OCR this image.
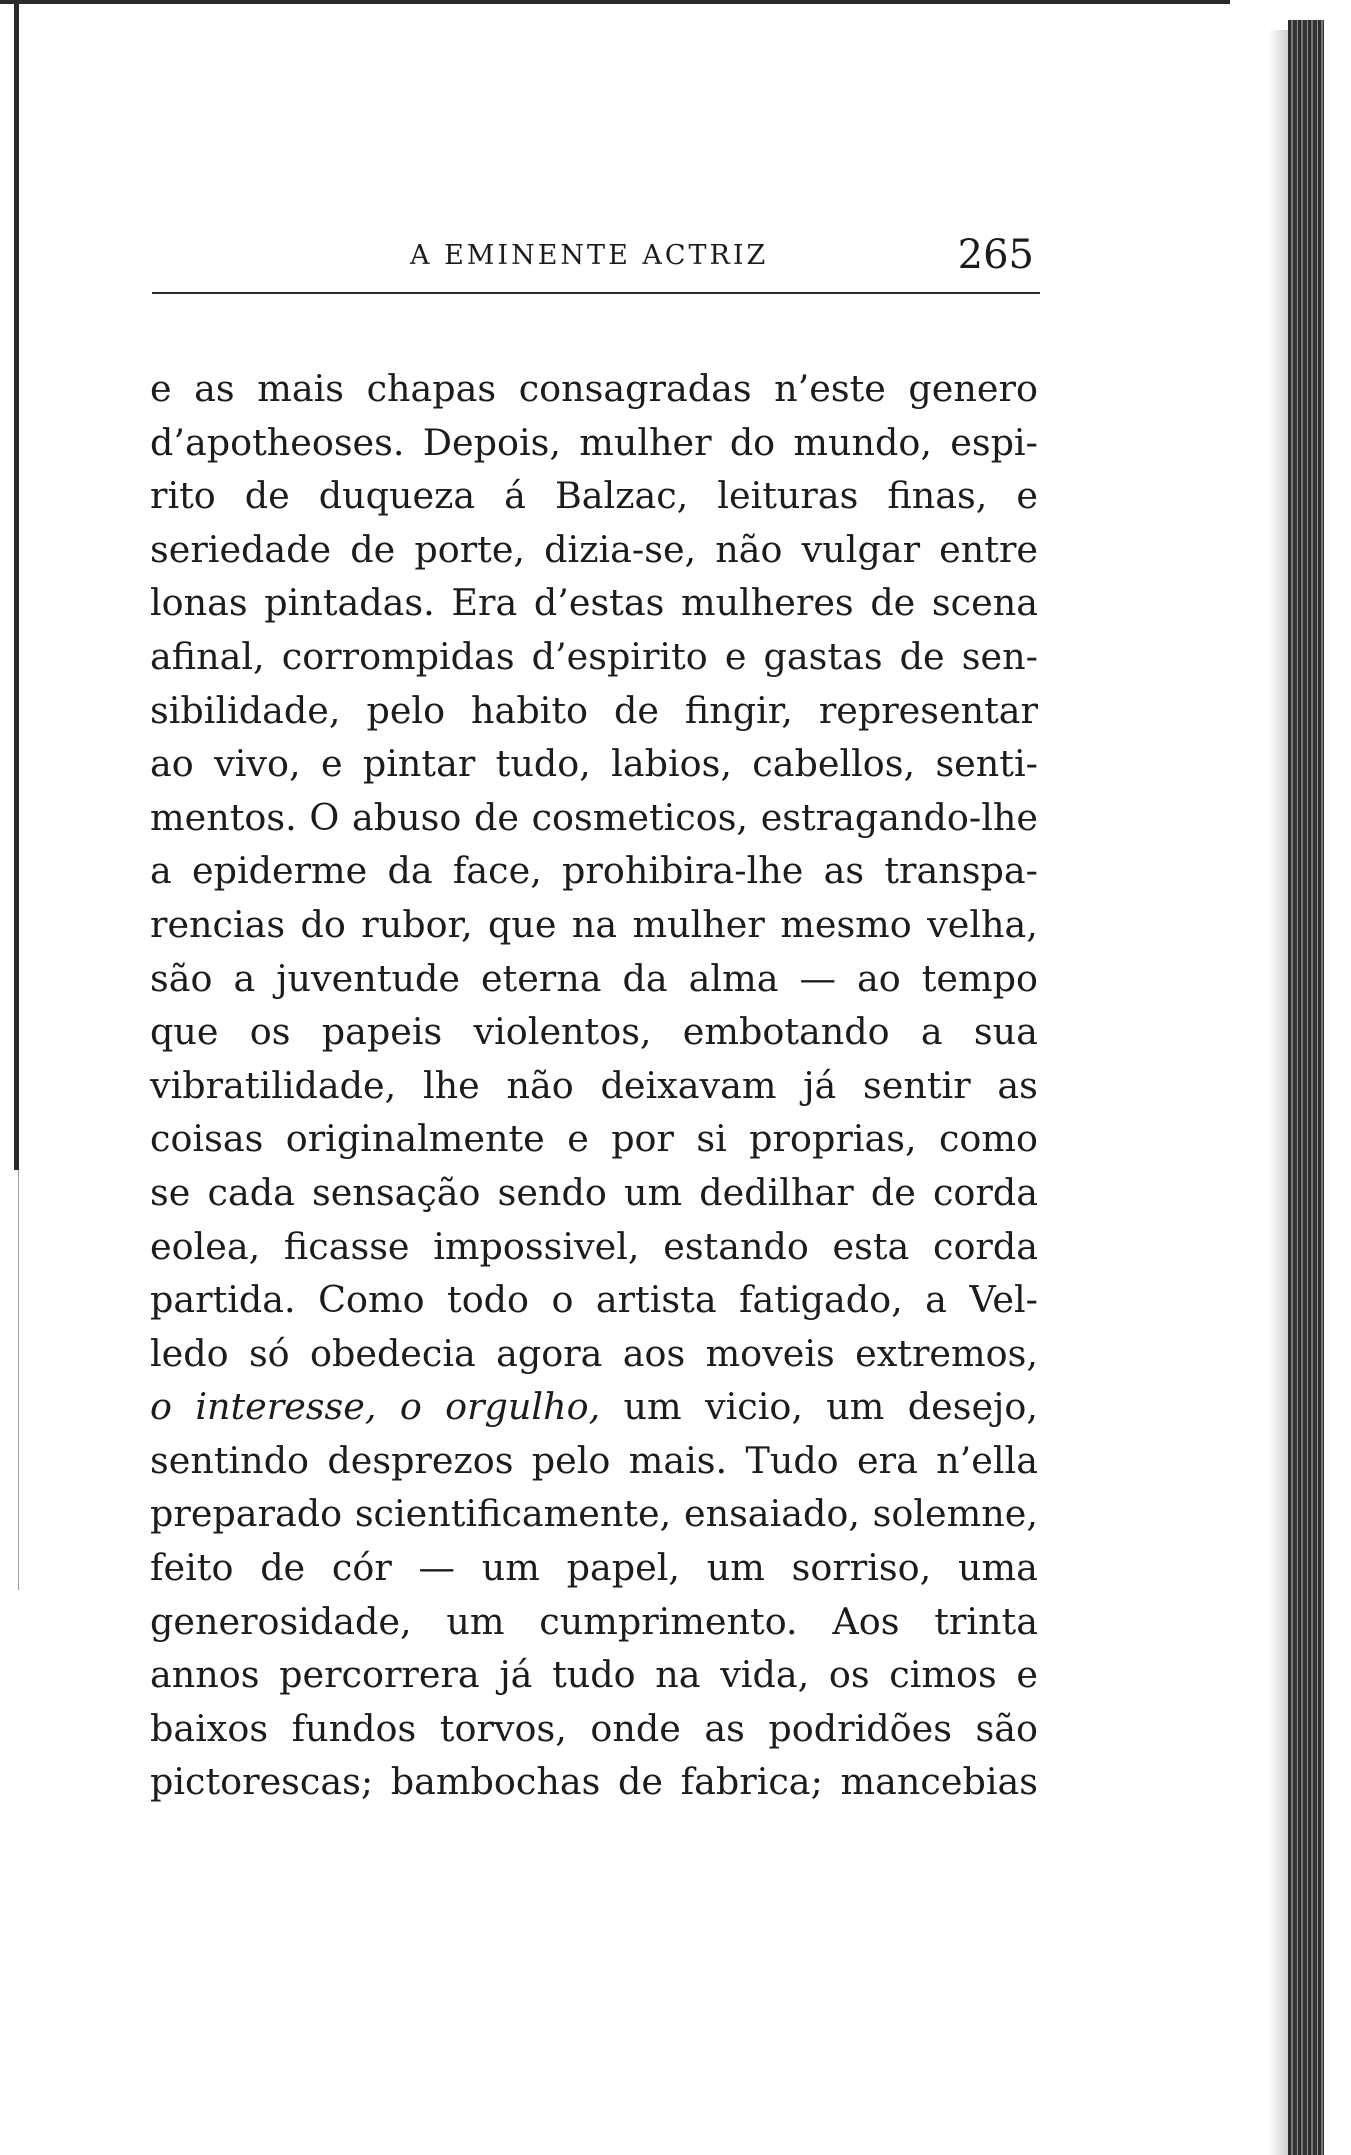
A EMINENTE ACTRIZ	265
e as mais chapas consagradas n’este genero
d’apotheoses. Depois, mulher do mundo, espi-
rito de duqueza á Balzac, leituras finas, e
seriedade de porte, dizia-se, não vulgar entre
lonas pintadas. Era d’estas mulheres de scena
afinal, corrompidas d’espirito e gastas de sen-
sibilidade, pelo habito de fingir, representar
ao vivo, e pintar tudo, labios, cabellos, senti-
mentos. O abuso de cosmeticos, estragando-lhe
a epiderme da face, prohibira-lhe as transpa-
rencias do rubor, que na mulher mesmo velha,
são a juventude eterna da alma — ao tempo
que os papeis violentos, embotando a sua
vibratilidade, lhe não deixavam já sentir as
coisas originalmente e por si proprias, como
se cada sensação sendo um dedilhar de corda
eolea, ficasse impossivel, estando esta corda
partida. Como todo o artista fatigado, a Vel-
ledo só obedecia agora aos moveis extremos,
o interesse, o orgulho, um vicio, um desejo,
sentindo desprezos pelo mais. Tudo era n’ella
preparado scientificamente, ensaiado, solemne,
feito de cór — um papel, um sorriso, uma
generosidade, um cumprimento. Aos trinta
annos percorrera já tudo na vida, os cimos e
baixos fundos torvos, onde as podridões são
pictorescas; bambochas de fabrica; mancebias
